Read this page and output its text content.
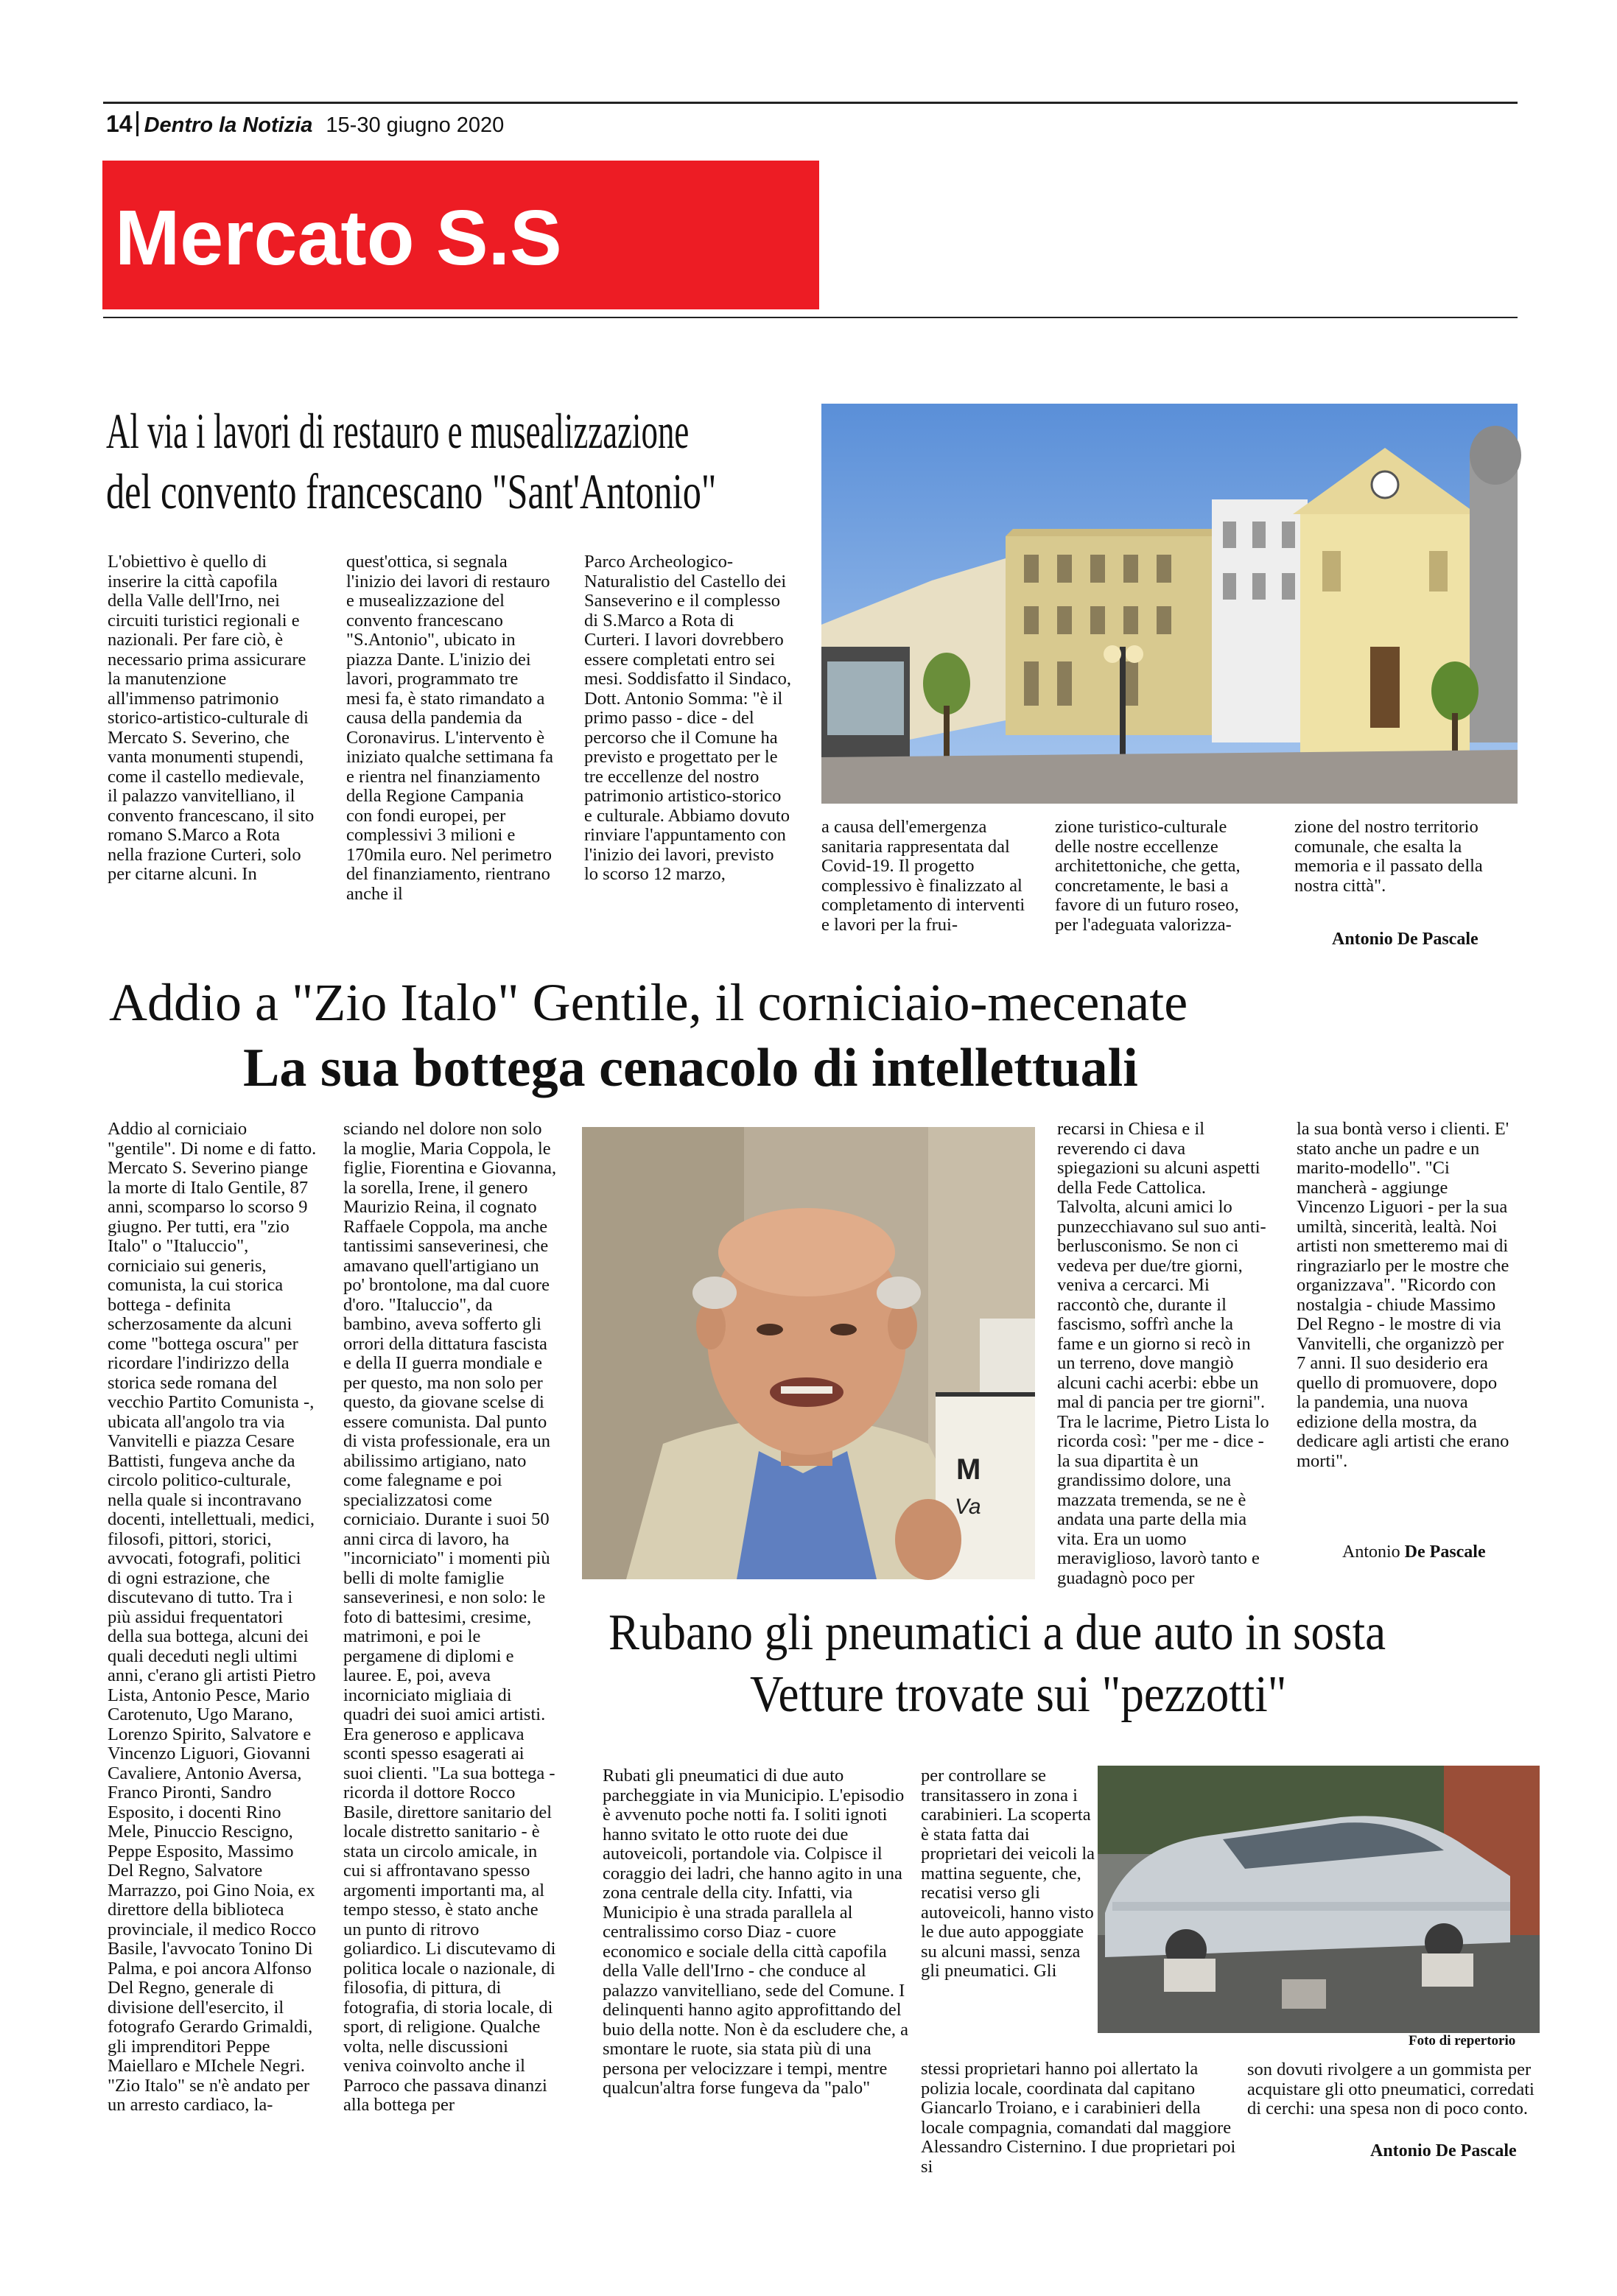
14 Dentro la Notizia 15-30 giugno 2020
Mercato S.S
Al via i lavori di restauro e musealizzazione
del convento francescano "Sant'Antonio"
L'obiettivo è quello di inserire la città capofila della Valle dell'Irno, nei circuiti turistici regionali e nazionali. Per fare ciò, è necessario prima assicurare la manutenzione all'immenso patrimonio storico-artistico-culturale di Mercato S. Severino, che vanta monumenti stupendi, come il castello medievale, il palazzo vanvitelliano, il convento francescano, il sito romano S.Marco a Rota nella frazione Curteri, solo per citarne alcuni. In
quest'ottica, si segnala l'inizio dei lavori di restauro e musealizzazione del convento francescano "S.Antonio", ubicato in piazza Dante. L'inizio dei lavori, programmato tre mesi fa, è stato rimandato a causa della pandemia da Coronavirus. L'intervento è iniziato qualche settimana fa e rientra nel finanziamento della Regione Campania con fondi europei, per complessivi 3 milioni e 170mila euro. Nel perimetro del finanziamento, rientrano anche il
Parco Archeologico-Naturalistio del Castello dei Sanseverino e il complesso di S.Marco a Rota di Curteri. I lavori dovrebbero essere completati entro sei mesi. Soddisfatto il Sindaco, Dott. Antonio Somma: "è il primo passo - dice - del percorso che il Comune ha previsto e progettato per le tre eccellenze del nostro patrimonio artistico-storico e culturale. Abbiamo dovuto rinviare l'appuntamento con l'inizio dei lavori, previsto lo scorso 12 marzo,
a causa dell'emergenza sanitaria rappresentata dal Covid-19. Il progetto complessivo è finalizzato al completamento di interventi e lavori per la frui-
zione turistico-culturale delle nostre eccellenze architettoniche, che getta, concretamente, le basi a favore di un futuro roseo, per l'adeguata valorizza-
zione del nostro territorio comunale, che esalta la memoria e il passato della nostra città".
Antonio De Pascale
Addio a "Zio Italo" Gentile, il corniciaio-mecenate
La sua bottega cenacolo di intellettuali
Addio al corniciaio "gentile". Di nome e di fatto. Mercato S. Severino piange la morte di Italo Gentile, 87 anni, scomparso lo scorso 9 giugno. Per tutti, era "zio Italo" o "Italuccio", corniciaio sui generis, comunista, la cui storica bottega - definita scherzosamente da alcuni come "bottega oscura" per ricordare l'indirizzo della storica sede romana del vecchio Partito Comunista -, ubicata all'angolo tra via Vanvitelli e piazza Cesare Battisti, fungeva anche da circolo politico-culturale, nella quale si incontravano docenti, intellettuali, medici, filosofi, pittori, storici, avvocati, fotografi, politici di ogni estrazione, che discutevano di tutto. Tra i più assidui frequentatori della sua bottega, alcuni dei quali deceduti negli ultimi anni, c'erano gli artisti Pietro Lista, Antonio Pesce, Mario Carotenuto, Ugo Marano, Lorenzo Spirito, Salvatore e Vincenzo Liguori, Giovanni Cavaliere, Antonio Aversa, Franco Pironti, Sandro Esposito, i docenti Rino Mele, Pinuccio Rescigno, Peppe Esposito, Massimo Del Regno, Salvatore Marrazzo, poi Gino Noia, ex direttore della biblioteca provinciale, il medico Rocco Basile, l'avvocato Tonino Di Palma, e poi ancora Alfonso Del Regno, generale di divisione dell'esercito, il fotografo Gerardo Grimaldi, gli imprenditori Peppe Maiellaro e MIchele Negri. "Zio Italo" se n'è andato per un arresto cardiaco, la-
sciando nel dolore non solo la moglie, Maria Coppola, le figlie, Fiorentina e Giovanna, la sorella, Irene, il genero Maurizio Reina, il cognato Raffaele Coppola, ma anche tantissimi sanseverinesi, che amavano quell'artigiano un po' brontolone, ma dal cuore d'oro. "Italuccio", da bambino, aveva sofferto gli orrori della dittatura fascista e della II guerra mondiale e per questo, ma non solo per questo, da giovane scelse di essere comunista. Dal punto di vista professionale, era un abilissimo artigiano, nato come falegname e poi specializzatosi come corniciaio. Durante i suoi 50 anni circa di lavoro, ha "incorniciato" i momenti più belli di molte famiglie sanseverinesi, e non solo: le foto di battesimi, cresime, matrimoni, e poi le pergamene di diplomi e lauree. E, poi, aveva incorniciato migliaia di quadri dei suoi amici artisti. Era generoso e applicava sconti spesso esagerati ai suoi clienti. "La sua bottega - ricorda il dottore Rocco Basile, direttore sanitario del locale distretto sanitario - è stata un circolo amicale, in cui si affrontavano spesso argomenti importanti ma, al tempo stesso, è stato anche un punto di ritrovo goliardico. Li discutevamo di politica locale o nazionale, di filosofia, di pittura, di fotografia, di storia locale, di sport, di religione. Qualche volta, nelle discussioni veniva coinvolto anche il Parroco che passava dinanzi alla bottega per
M
Va
recarsi in Chiesa e il reverendo ci dava spiegazioni su alcuni aspetti della Fede Cattolica. Talvolta, alcuni amici lo punzecchiavano sul suo anti-berlusconismo. Se non ci vedeva per due/tre giorni, veniva a cercarci. Mi raccontò che, durante il fascismo, soffrì anche la fame e un giorno si recò in un terreno, dove mangiò alcuni cachi acerbi: ebbe un mal di pancia per tre giorni". Tra le lacrime, Pietro Lista lo ricorda così: "per me - dice - la sua dipartita è un grandissimo dolore, una mazzata tremenda, se ne è andata una parte della mia vita. Era un uomo meraviglioso, lavorò tanto e guadagnò poco per
la sua bontà verso i clienti. E' stato anche un padre e un marito-modello". "Ci mancherà - aggiunge Vincenzo Liguori - per la sua umiltà, sincerità, lealtà. Noi artisti non smetteremo mai di ringraziarlo per le mostre che organizzava". "Ricordo con nostalgia - chiude Massimo Del Regno - le mostre di via Vanvitelli, che organizzò per 7 anni. Il suo desiderio era quello di promuovere, dopo la pandemia, una nuova edizione della mostra, da dedicare agli artisti che erano morti".
Antonio De Pascale
Rubano gli pneumatici a due auto in sosta
Vetture trovate sui "pezzotti"
Rubati gli pneumatici di due auto parcheggiate in via Municipio. L'episodio è avvenuto poche notti fa. I soliti ignoti hanno svitato le otto ruote dei due autoveicoli, portandole via. Colpisce il coraggio dei ladri, che hanno agito in una zona centrale della city. Infatti, via Municipio è una strada parallela al centralissimo corso Diaz - cuore economico e sociale della città capofila della Valle dell'Irno - che conduce al palazzo vanvitelliano, sede del Comune. I delinquenti hanno agito approfittando del buio della notte. Non è da escludere che, a smontare le ruote, sia stata più di una persona per velocizzare i tempi, mentre qualcun'altra forse fungeva da "palo"
per controllare se transitassero in zona i carabinieri. La scoperta è stata fatta dai proprietari dei veicoli la mattina seguente, che, recatisi verso gli autoveicoli, hanno visto le due auto appoggiate su alcuni massi, senza gli pneumatici. Gli
stessi proprietari hanno poi allertato la polizia locale, coordinata dal capitano Giancarlo Troiano, e i carabinieri della locale compagnia, comandati dal maggiore Alessandro Cisternino. I due proprietari poi si
Foto di repertorio
son dovuti rivolgere a un gommista per acquistare gli otto pneumatici, corredati di cerchi: una spesa non di poco conto.
Antonio De Pascale
